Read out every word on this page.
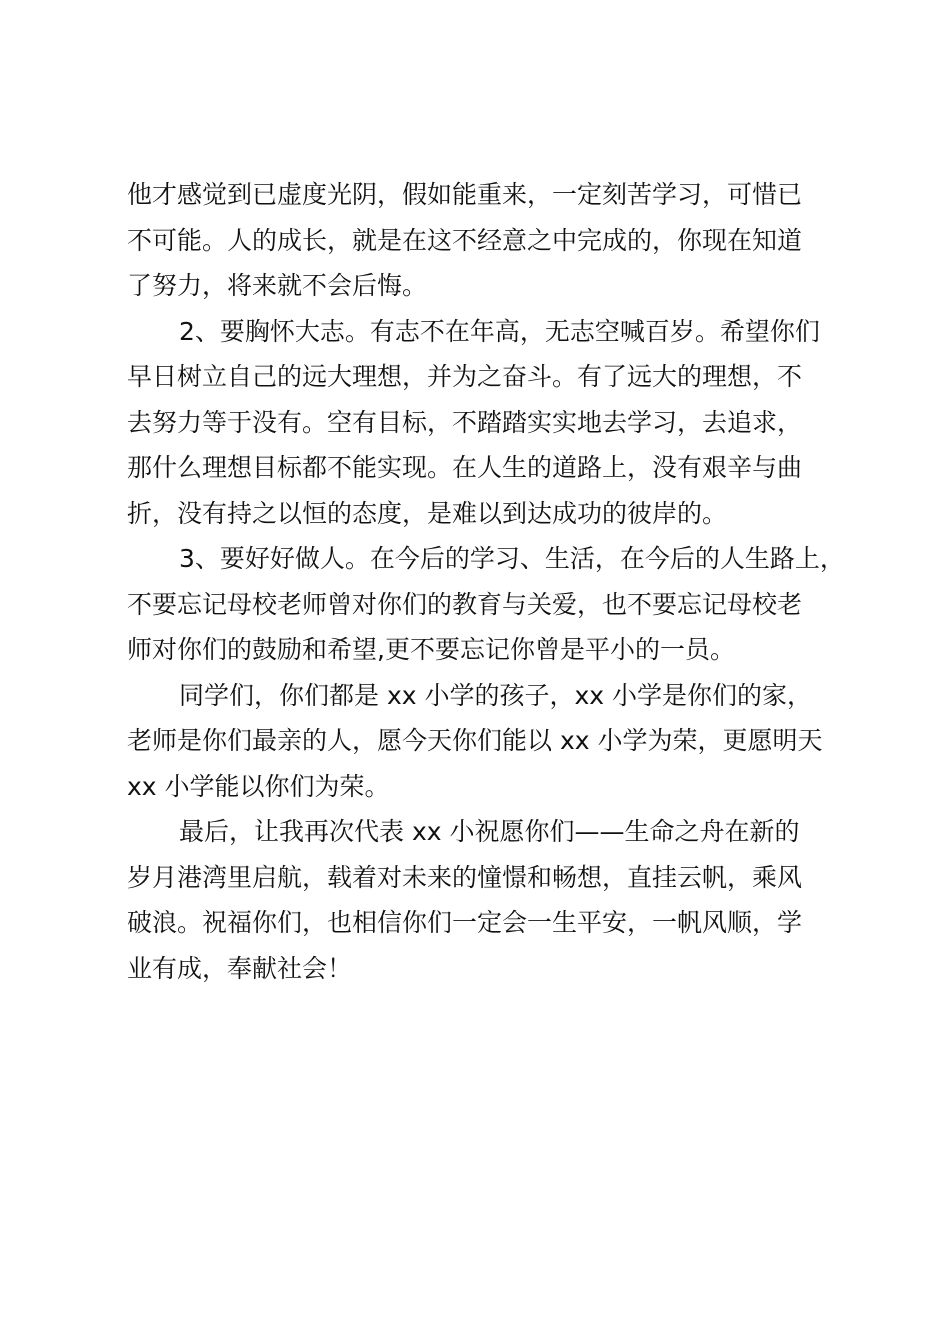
他才感觉到已虚度光阴，假如能重来，一定刻苦学习，可惜已
不可能。人的成长，就是在这不经意之中完成的，你现在知道
了努力，将来就不会后悔。
2、要胸怀大志。有志不在年高，无志空喊百岁。希望你们
早日树立自己的远大理想，并为之奋斗。有了远大的理想，不
去努力等于没有。空有目标，不踏踏实实地去学习，去追求，
那什么理想目标都不能实现。在人生的道路上，没有艰辛与曲
折，没有持之以恒的态度，是难以到达成功的彼岸的。
3、要好好做人。在今后的学习、生活，在今后的人生路上，
不要忘记母校老师曾对你们的教育与关爱，也不要忘记母校老
师对你们的鼓励和希望,更不要忘记你曾是平小的一员。
同学们，你们都是 xx 小学的孩子，xx 小学是你们的家，
老师是你们最亲的人，愿今天你们能以 xx 小学为荣，更愿明天
xx 小学能以你们为荣。
最后，让我再次代表 xx 小祝愿你们——生命之舟在新的
岁月港湾里启航，载着对未来的憧憬和畅想，直挂云帆，乘风
破浪。祝福你们，也相信你们一定会一生平安，一帆风顺，学
业有成，奉献社会！
